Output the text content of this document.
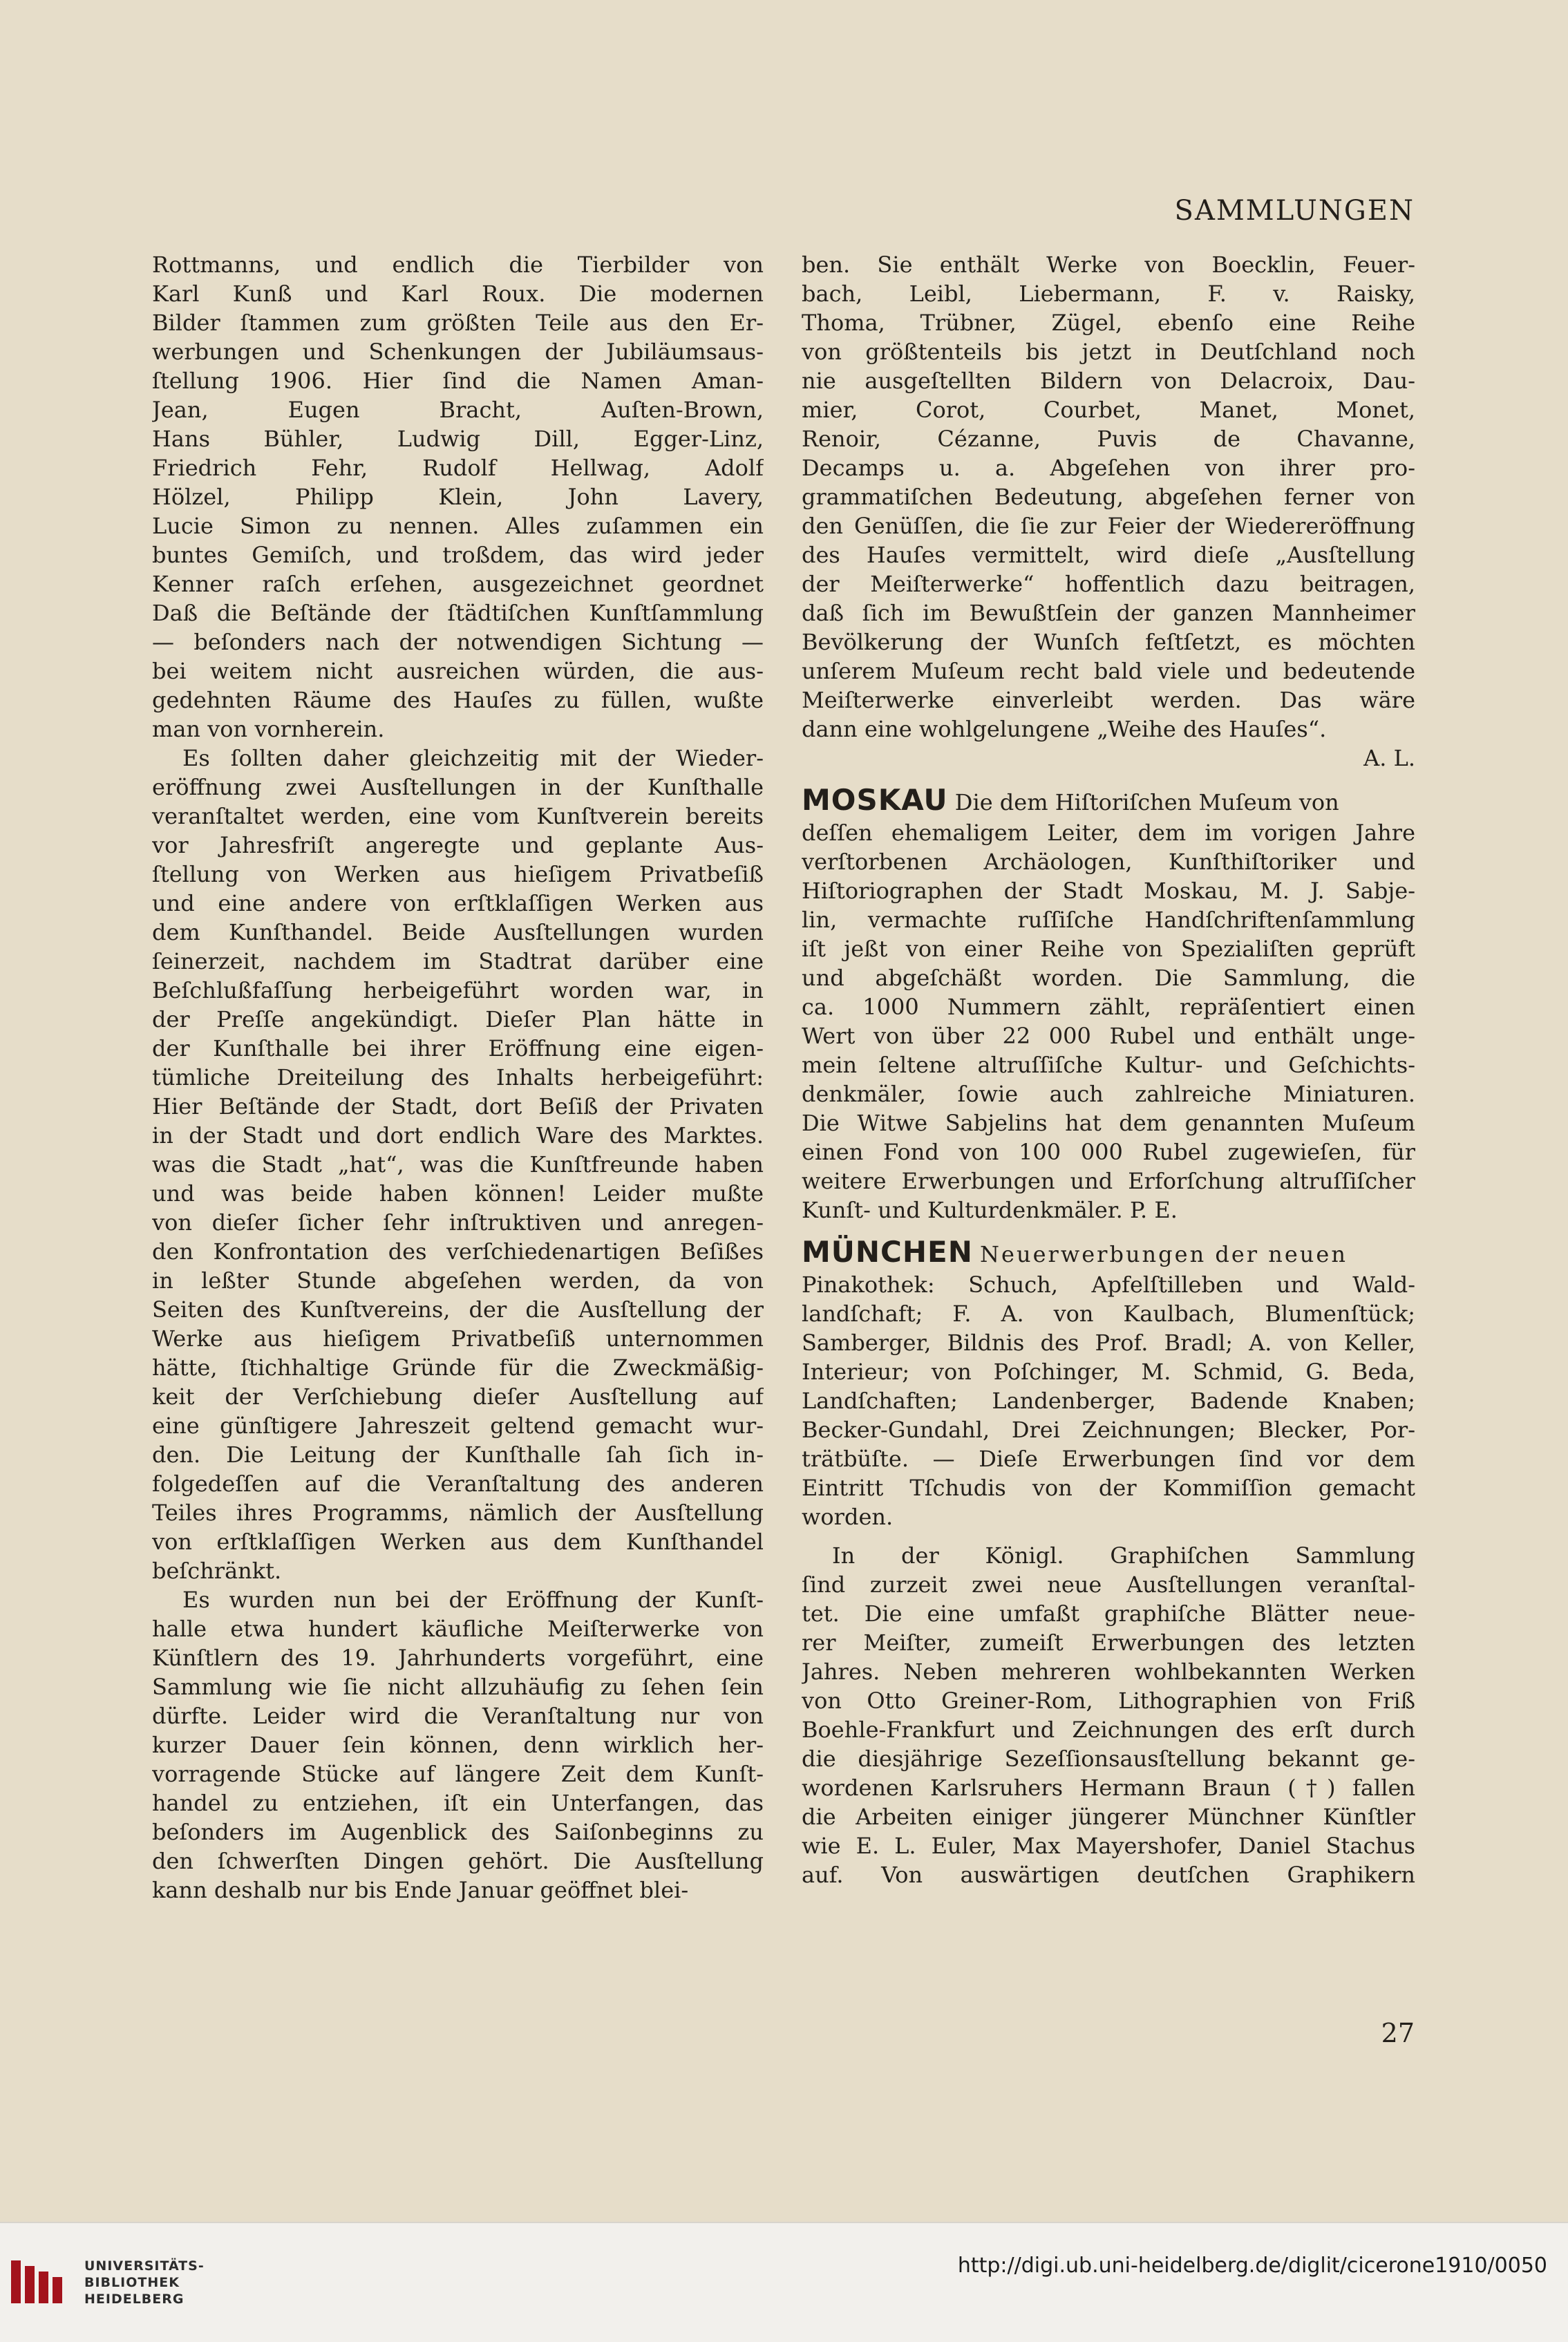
SAMMLUNGEN
Rottmanns, und endlich die Tierbilder von
Karl Kunß und Karl Roux. Die modernen
Bilder ſtammen zum größten Teile aus den Er-
werbungen und Schenkungen der Jubiläumsaus-
ſtellung 1906. Hier ſind die Namen Aman-
Jean, Eugen Bracht, Auſten-Brown,
Hans Bühler, Ludwig Dill, Egger-Linz,
Friedrich Fehr, Rudolf Hellwag, Adolf
Hölzel, Philipp Klein, John Lavery,
Lucie Simon zu nennen. Alles zuſammen ein
buntes Gemiſch, und troßdem, das wird jeder
Kenner raſch erſehen, ausgezeichnet geordnet
Daß die Beſtände der ſtädtiſchen Kunſtſammlung
— beſonders nach der notwendigen Sichtung —
bei weitem nicht ausreichen würden, die aus-
gedehnten Räume des Hauſes zu füllen, wußte
man von vornherein.
Es ſollten daher gleichzeitig mit der Wieder-
eröffnung zwei Ausſtellungen in der Kunſthalle
veranſtaltet werden, eine vom Kunſtverein bereits
vor Jahresfriſt angeregte und geplante Aus-
ſtellung von Werken aus hieſigem Privatbeſiß
und eine andere von erſtklaſſigen Werken aus
dem Kunſthandel. Beide Ausſtellungen wurden
ſeinerzeit, nachdem im Stadtrat darüber eine
Beſchlußfaſſung herbeigeführt worden war, in
der Preſſe angekündigt. Dieſer Plan hätte in
der Kunſthalle bei ihrer Eröffnung eine eigen-
tümliche Dreiteilung des Inhalts herbeigeführt:
Hier Beſtände der Stadt, dort Beſiß der Privaten
in der Stadt und dort endlich Ware des Marktes.
was die Stadt „hat“, was die Kunſtfreunde haben
und was beide haben können! Leider mußte
von dieſer ſicher ſehr inſtruktiven und anregen-
den Konfrontation des verſchiedenartigen Beſißes
in leßter Stunde abgeſehen werden, da von
Seiten des Kunſtvereins, der die Ausſtellung der
Werke aus hieſigem Privatbeſiß unternommen
hätte, ſtichhaltige Gründe für die Zweckmäßig-
keit der Verſchiebung dieſer Ausſtellung auf
eine günſtigere Jahreszeit geltend gemacht wur-
den. Die Leitung der Kunſthalle ſah ſich in-
folgedeſſen auf die Veranſtaltung des anderen
Teiles ihres Programms, nämlich der Ausſtellung
von erſtklaſſigen Werken aus dem Kunſthandel
beſchränkt.
Es wurden nun bei der Eröffnung der Kunſt-
halle etwa hundert käufliche Meiſterwerke von
Künſtlern des 19. Jahrhunderts vorgeführt, eine
Sammlung wie ſie nicht allzuhäufig zu ſehen ſein
dürfte. Leider wird die Veranſtaltung nur von
kurzer Dauer ſein können, denn wirklich her-
vorragende Stücke auf längere Zeit dem Kunſt-
handel zu entziehen, iſt ein Unterfangen, das
beſonders im Augenblick des Saiſonbeginns zu
den ſchwerſten Dingen gehört. Die Ausſtellung
kann deshalb nur bis Ende Januar geöffnet blei-
ben. Sie enthält Werke von Boecklin, Feuer-
bach, Leibl, Liebermann, F. v. Raisky,
Thoma, Trübner, Zügel, ebenſo eine Reihe
von größtenteils bis jetzt in Deutſchland noch
nie ausgeſtellten Bildern von Delacroix, Dau-
mier, Corot, Courbet, Manet, Monet,
Renoir, Cézanne, Puvis de Chavanne,
Decamps u. a. Abgeſehen von ihrer pro-
grammatiſchen Bedeutung, abgeſehen ferner von
den Genüſſen, die ſie zur Feier der Wiedereröffnung
des Hauſes vermittelt, wird dieſe „Ausſtellung
der Meiſterwerke“ hoffentlich dazu beitragen,
daß ſich im Bewußtſein der ganzen Mannheimer
Bevölkerung der Wunſch feſtſetzt, es möchten
unſerem Muſeum recht bald viele und bedeutende
Meiſterwerke einverleibt werden. Das wäre
dann eine wohlgelungene „Weihe des Hauſes“.
A. L.
MOSKAU Die dem Hiſtoriſchen Muſeum von
deſſen ehemaligem Leiter, dem im vorigen Jahre
verſtorbenen Archäologen, Kunſthiſtoriker und
Hiſtoriographen der Stadt Moskau, M. J. Sabje-
lin, vermachte ruſſiſche Handſchriftenſammlung
iſt jeßt von einer Reihe von Spezialiſten geprüft
und abgeſchäßt worden. Die Sammlung, die
ca. 1000 Nummern zählt, repräſentiert einen
Wert von über 22 000 Rubel und enthält unge-
mein ſeltene altruſſiſche Kultur- und Geſchichts-
denkmäler, ſowie auch zahlreiche Miniaturen.
Die Witwe Sabjelins hat dem genannten Muſeum
einen Fond von 100 000 Rubel zugewieſen, für
weitere Erwerbungen und Erforſchung altruſſiſcher
Kunſt- und Kulturdenkmäler. P. E.
MÜNCHEN Neuerwerbungen der neuen
Pinakothek: Schuch, Apfelſtilleben und Wald-
landſchaft; F. A. von Kaulbach, Blumenſtück;
Samberger, Bildnis des Prof. Bradl; A. von Keller,
Interieur; von Poſchinger, M. Schmid, G. Beda,
Landſchaften; Landenberger, Badende Knaben;
Becker-Gundahl, Drei Zeichnungen; Blecker, Por-
trätbüſte. — Dieſe Erwerbungen ſind vor dem
Eintritt Tſchudis von der Kommiſſion gemacht
worden.
In der Königl. Graphiſchen Sammlung
ſind zurzeit zwei neue Ausſtellungen veranſtal-
tet. Die eine umfaßt graphiſche Blätter neue-
rer Meiſter, zumeiſt Erwerbungen des letzten
Jahres. Neben mehreren wohlbekannten Werken
von Otto Greiner-Rom, Lithographien von Friß
Boehle-Frankfurt und Zeichnungen des erſt durch
die diesjährige Sezeſſionsausſtellung bekannt ge-
wordenen Karlsruhers Hermann Braun (†) fallen
die Arbeiten einiger jüngerer Münchner Künſtler
wie E. L. Euler, Max Mayershofer, Daniel Stachus
auf. Von auswärtigen deutſchen Graphikern
27
UNIVERSITÄTS-
BIBLIOTHEK
HEIDELBERG
http://digi.ub.uni-heidelberg.de/diglit/cicerone1910/0050
